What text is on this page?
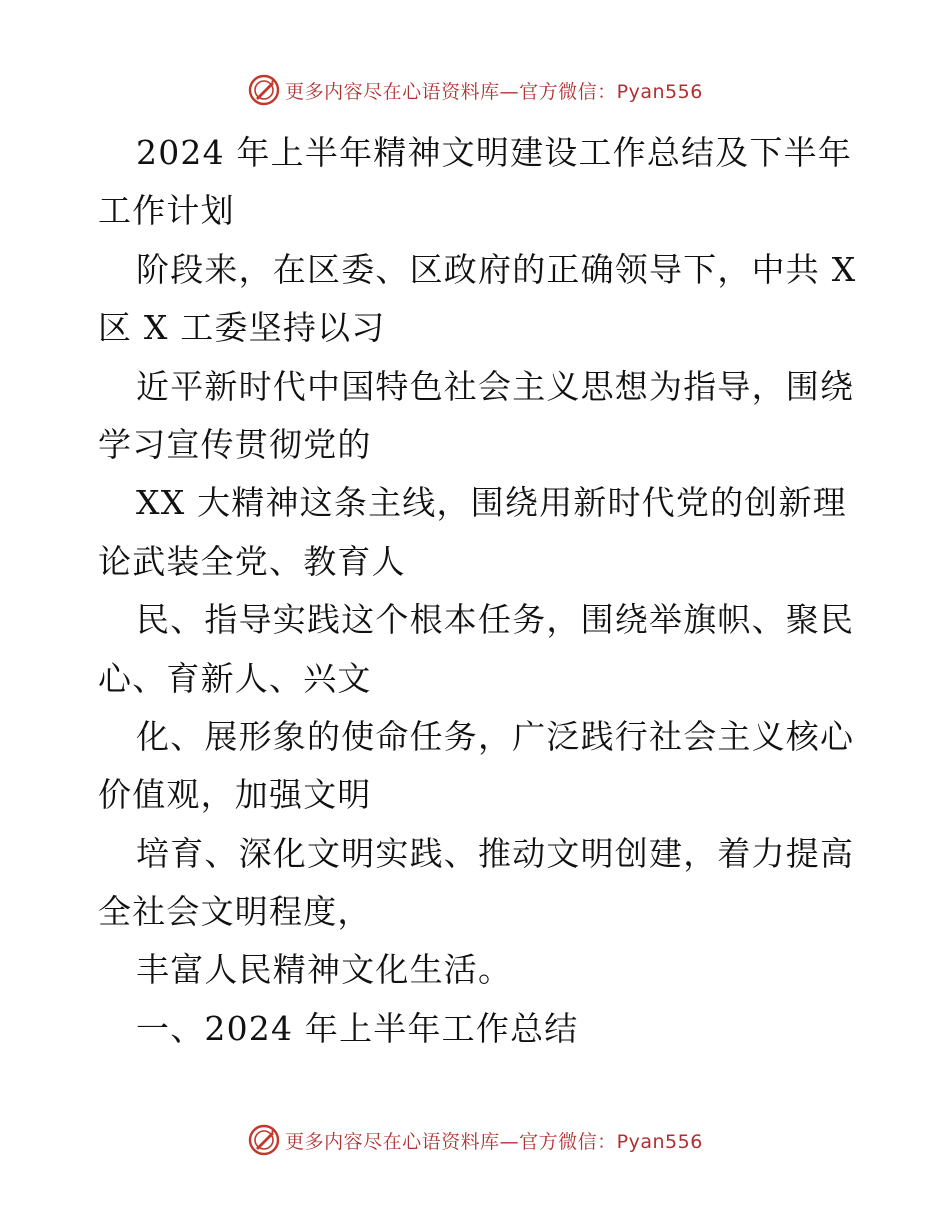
更多内容尽在心语资料库—官方微信：Pyan556
2024 年上半年精神文明建设工作总结及下半年
工作计划
阶段来，在区委、区政府的正确领导下，中共 X
区 X 工委坚持以习
近平新时代中国特色社会主义思想为指导，围绕
学习宣传贯彻党的
XX 大精神这条主线，围绕用新时代党的创新理
论武装全党、教育人
民、指导实践这个根本任务，围绕举旗帜、聚民
心、育新人、兴文
化、展形象的使命任务，广泛践行社会主义核心
价值观，加强文明
培育、深化文明实践、推动文明创建，着力提高
全社会文明程度，
丰富人民精神文化生活。
一、2024 年上半年工作总结
更多内容尽在心语资料库—官方微信：Pyan556
